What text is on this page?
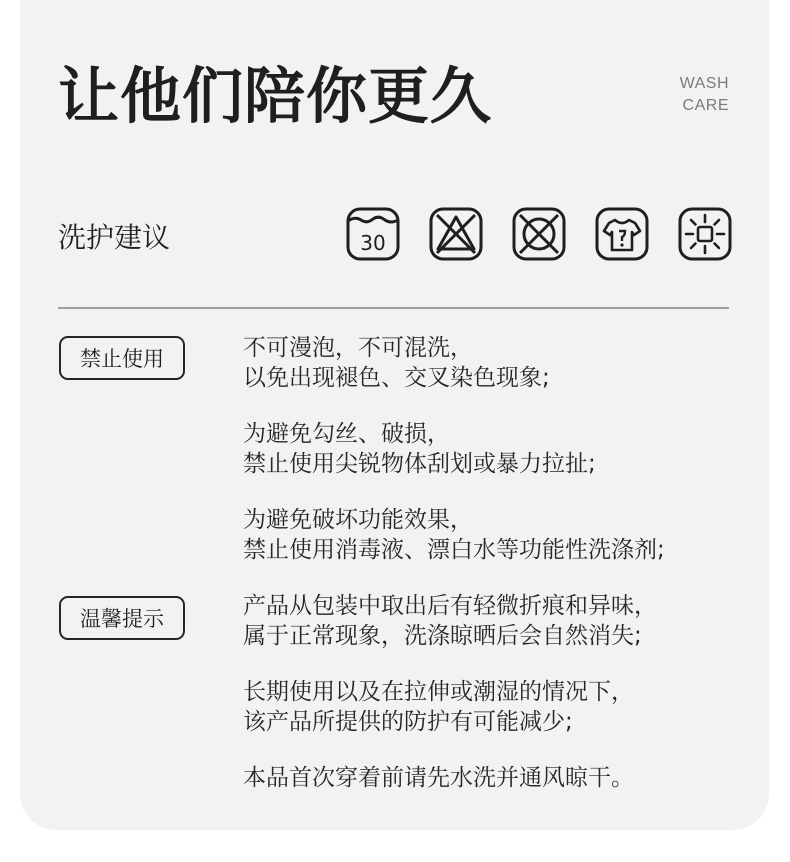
让他们陪你更久	WASH
CARE
洗护建议	30
禁止使用
温馨提示

不可漫泡，不可混洗，
以免出现褪色、交叉染色现象;

为避免勾丝、破损，
禁止使用尖锐物体刮划或暴力拉扯;

为避免破坏功能效果，
禁止使用消毒液、漂白水等功能性洗涤剂;

产品从包装中取出后有轻微折痕和异味，
属于正常现象，洗涤晾晒后会自然消失;

长期使用以及在拉伸或潮湿的情况下，
该产品所提供的防护有可能减少;

本品首次穿着前请先水洗并通风晾干。
